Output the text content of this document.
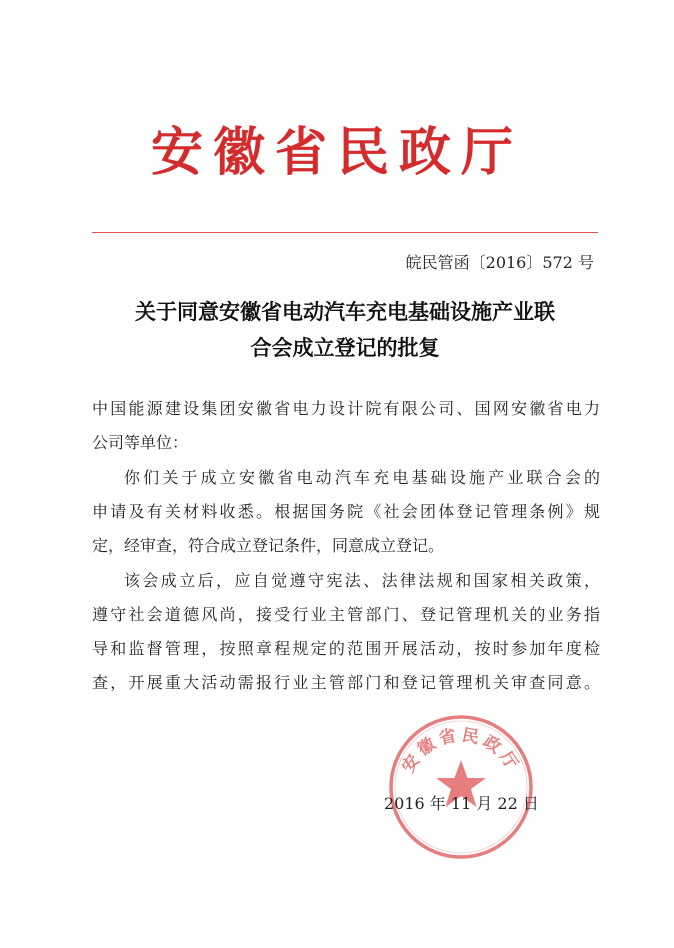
安徽省民政厅
皖民管函〔2016〕572 号
关于同意安徽省电动汽车充电基础设施产业联
合会成立登记的批复
中国能源建设集团安徽省电力设计院有限公司、国网安徽省电力
公司等单位：
你们关于成立安徽省电动汽车充电基础设施产业联合会的
申请及有关材料收悉。根据国务院《社会团体登记管理条例》规
定，经审查，符合成立登记条件，同意成立登记。
该会成立后，应自觉遵守宪法、法律法规和国家相关政策，
遵守社会道德风尚，接受行业主管部门、登记管理机关的业务指
导和监督管理，按照章程规定的范围开展活动，按时参加年度检
查，开展重大活动需报行业主管部门和登记管理机关审查同意。
安徽省民政厅
2016 年 11 月 22 日
